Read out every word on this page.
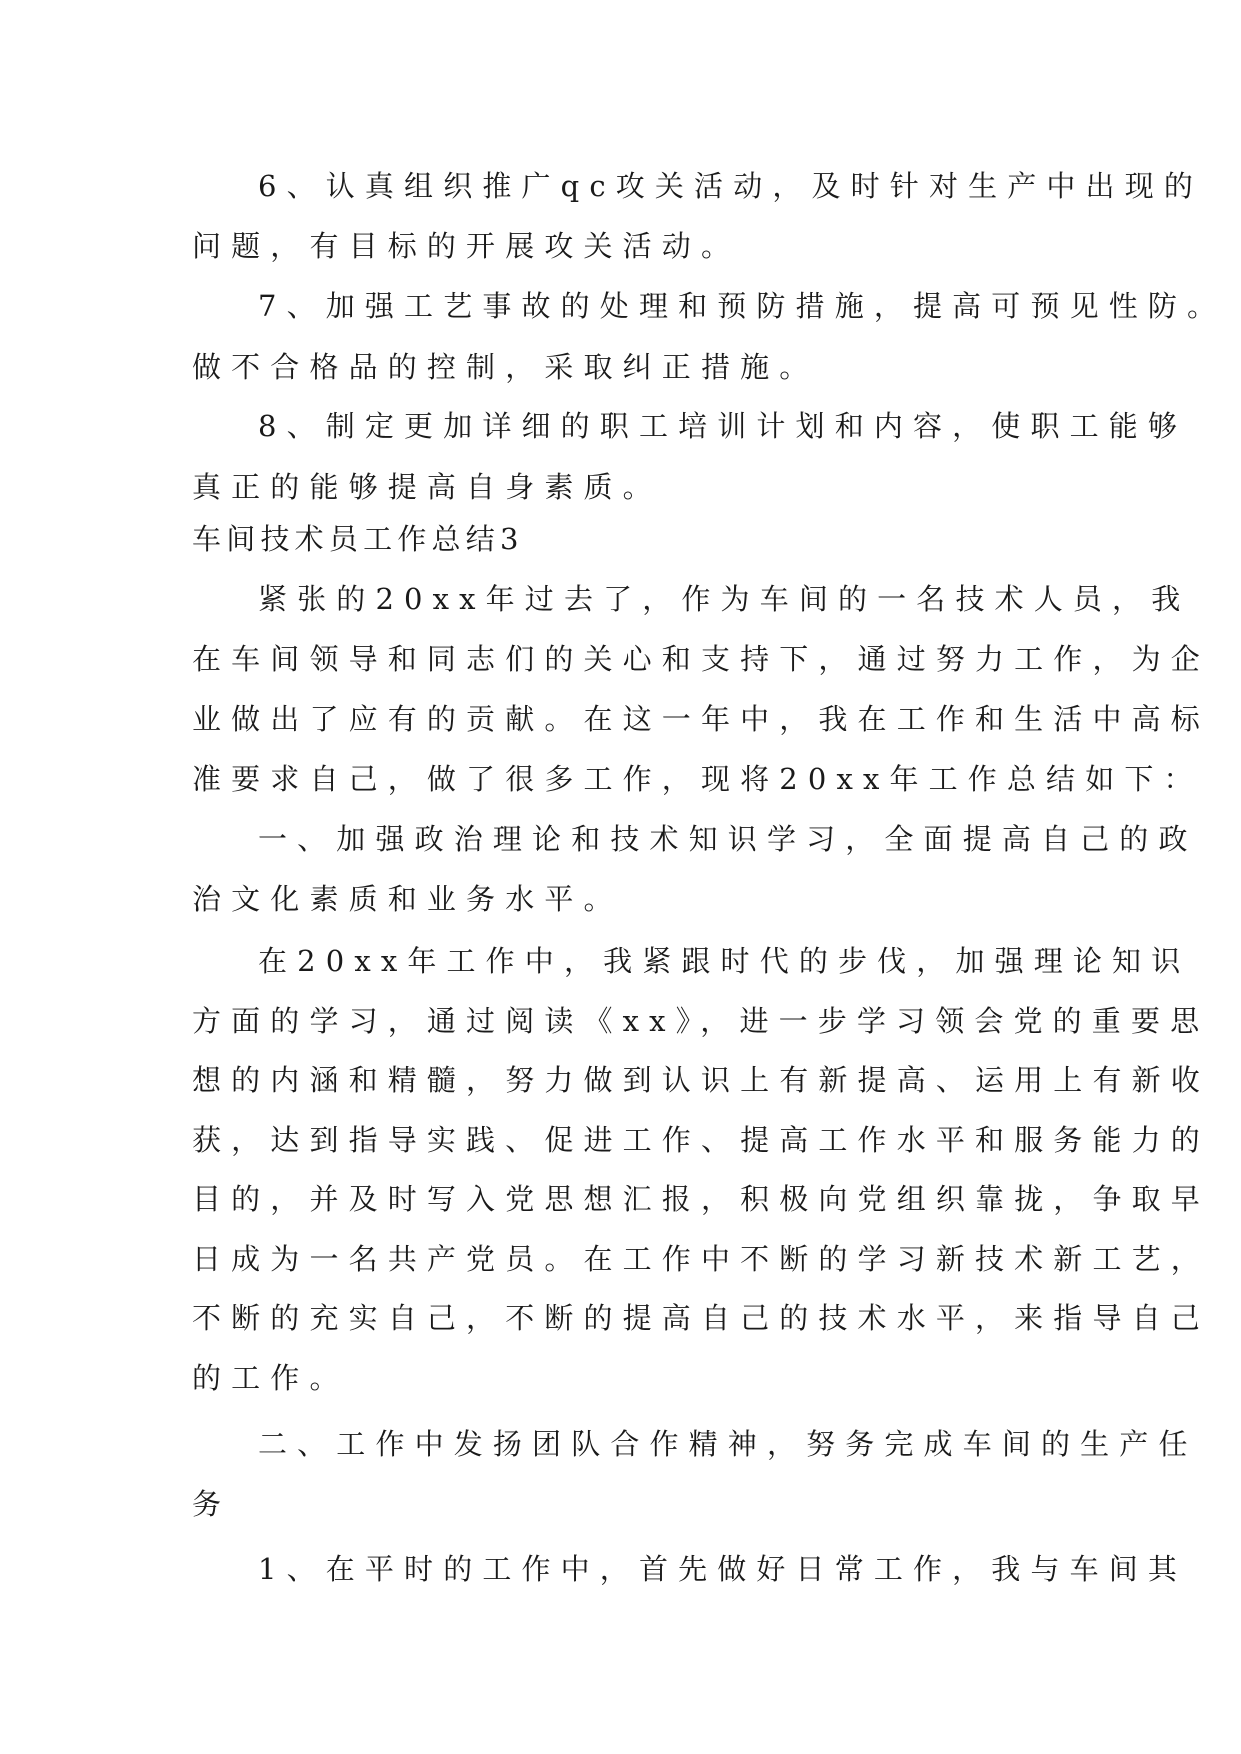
6、认真组织推广qc攻关活动，及时针对生产中出现的

问题，有目标的开展攻关活动。

7、加强工艺事故的处理和预防措施，提高可预见性防。

做不合格品的控制，采取纠正措施。

8、制定更加详细的职工培训计划和内容，使职工能够

真正的能够提高自身素质。

车间技术员工作总结3

紧张的20xx年过去了，作为车间的一名技术人员，我

在车间领导和同志们的关心和支持下，通过努力工作，为企

业做出了应有的贡献。在这一年中，我在工作和生活中高标

准要求自己，做了很多工作，现将20xx年工作总结如下：

一、加强政治理论和技术知识学习，全面提高自己的政

治文化素质和业务水平。

在20xx年工作中，我紧跟时代的步伐，加强理论知识

方面的学习，通过阅读《xx》，进一步学习领会党的重要思

想的内涵和精髓，努力做到认识上有新提高、运用上有新收

获，达到指导实践、促进工作、提高工作水平和服务能力的

目的，并及时写入党思想汇报，积极向党组织靠拢，争取早

日成为一名共产党员。在工作中不断的学习新技术新工艺，

不断的充实自己，不断的提高自己的技术水平，来指导自己

的工作。

二、工作中发扬团队合作精神，努务完成车间的生产任

务

1、在平时的工作中，首先做好日常工作，我与车间其
